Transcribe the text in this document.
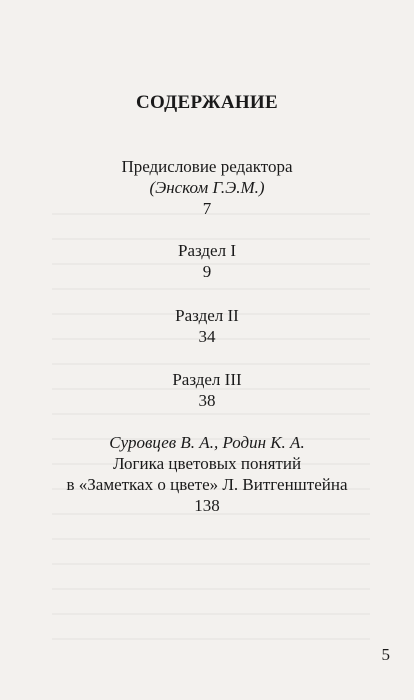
СОДЕРЖАНИЕ
Предисловие редактора
(Энском Г.Э.М.)
7
Раздел I
9
Раздел II
34
Раздел III
38
Суровцев В. А., Родин К. А.
Логика цветовых понятий
в «Заметках о цвете» Л. Витгенштейна
138
5
